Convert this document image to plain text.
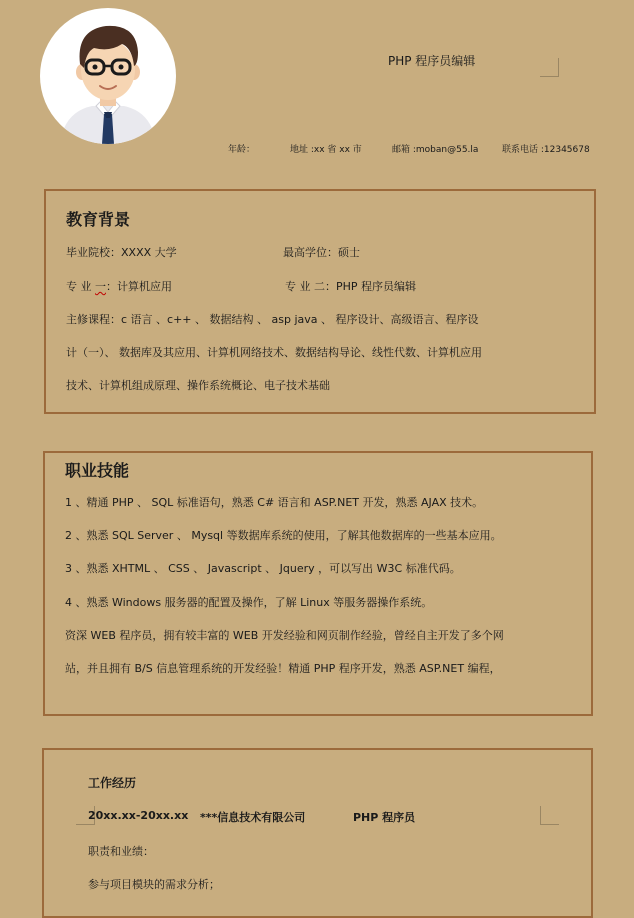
PHP 程序员编辑
年龄：	地址 :xx 省 xx 市	邮箱 :moban@55.la	联系电话 :12345678
教育背景
毕业院校：XXXX 大学	最高学位：硕士
专 业 一：计算机应用	专 业 二：PHP 程序员编辑
主修课程：c 语言 、c++ 、 数据结构 、 asp java 、 程序设计、高级语言、程序设
计（一）、 数据库及其应用、计算机网络技术、数据结构导论、线性代数、计算机应用
技术、计算机组成原理、操作系统概论、电子技术基础
职业技能
1 、精通 PHP 、 SQL 标准语句，熟悉 C# 语言和 ASP.NET 开发，熟悉 AJAX 技术。
2 、熟悉 SQL Server 、 Mysql 等数据库系统的使用，了解其他数据库的一些基本应用。
3 、熟悉 XHTML 、 CSS 、 Javascript 、 Jquery ，可以写出 W3C 标准代码。
4 、熟悉 Windows 服务器的配置及操作，了解 Linux 等服务器操作系统。
资深 WEB 程序员，拥有较丰富的 WEB 开发经验和网页制作经验，曾经自主开发了多个网
站，并且拥有 B/S 信息管理系统的开发经验！精通 PHP 程序开发，熟悉 ASP.NET 编程，
工作经历
20xx.xx-20xx.xx ***信息技术有限公司	PHP 程序员
职责和业绩：
参与项目模块的需求分析；
